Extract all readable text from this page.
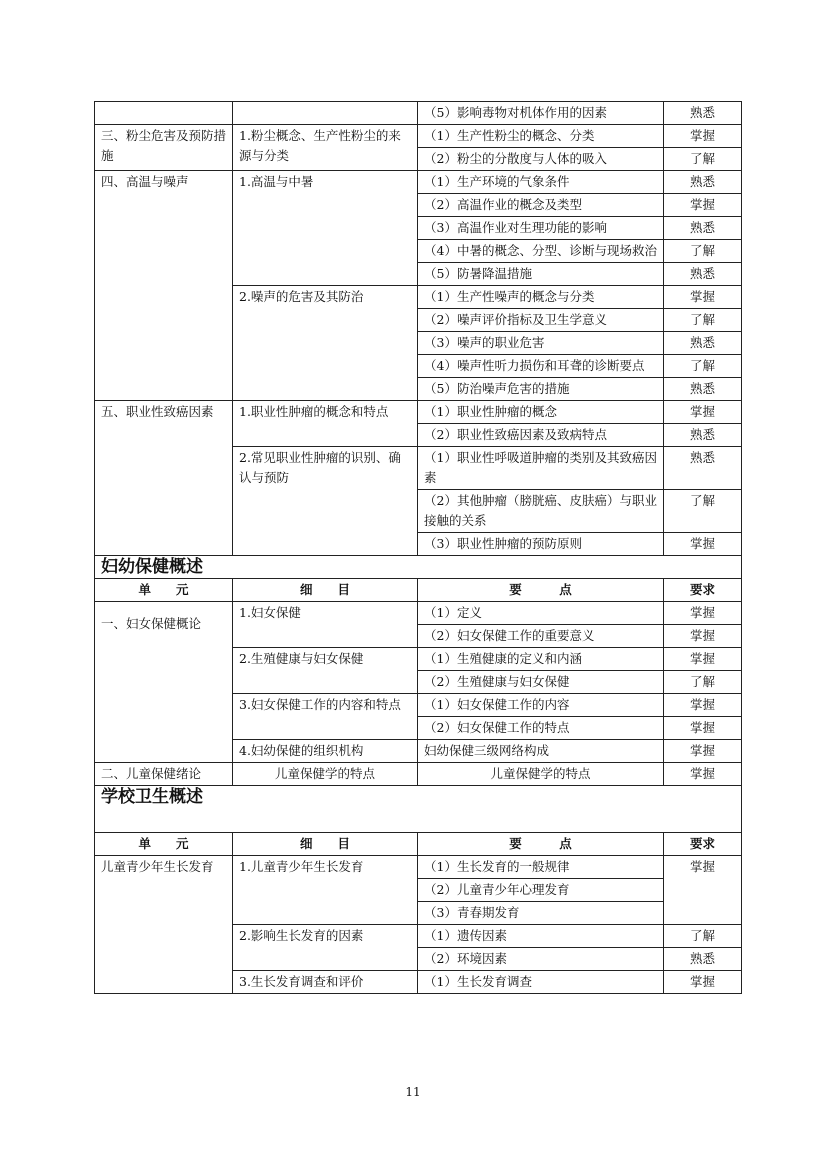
		（5）影响毒物对机体作用的因素	熟悉
三、粉尘危害及预防措施	1.粉尘概念、生产性粉尘的来源与分类	（1）生产性粉尘的概念、分类	掌握
		（2）粉尘的分散度与人体的吸入	了解
四、高温与噪声	1.高温与中暑	（1）生产环境的气象条件	熟悉
		（2）高温作业的概念及类型	掌握
		（3）高温作业对生理功能的影响	熟悉
		（4）中暑的概念、分型、诊断与现场救治	了解
		（5）防暑降温措施	熟悉
	2.噪声的危害及其防治	（1）生产性噪声的概念与分类	掌握
		（2）噪声评价指标及卫生学意义	了解
		（3）噪声的职业危害	熟悉
		（4）噪声性听力损伤和耳聋的诊断要点	了解
		（5）防治噪声危害的措施	熟悉
五、职业性致癌因素	1.职业性肿瘤的概念和特点	（1）职业性肿瘤的概念	掌握
		（2）职业性致癌因素及致病特点	熟悉
	2.常见职业性肿瘤的识别、确认与预防	（1）职业性呼吸道肿瘤的类别及其致癌因素	熟悉
		（2）其他肿瘤（膀胱癌、皮肤癌）与职业接触的关系	了解
		（3）职业性肿瘤的预防原则	掌握
妇幼保健概述			
单　　元	细　　目	要　　　点	要求
一、妇女保健概论	1.妇女保健	（1）定义	掌握
		（2）妇女保健工作的重要意义	掌握
	2.生殖健康与妇女保健	（1）生殖健康的定义和内涵	掌握
		（2）生殖健康与妇女保健	了解
	3.妇女保健工作的内容和特点	（1）妇女保健工作的内容	掌握
		（2）妇女保健工作的特点	掌握
	4.妇幼保健的组织机构	妇幼保健三级网络构成	掌握
二、儿童保健绪论	儿童保健学的特点	儿童保健学的特点	掌握
学校卫生概述			
单　　元	细　　目	要　　　点	要求
儿童青少年生长发育	1.儿童青少年生长发育	（1）生长发育的一般规律	掌握
		（2）儿童青少年心理发育	
		（3）青春期发育	
	2.影响生长发育的因素	（1）遗传因素	了解
		（2）环境因素	熟悉
	3.生长发育调查和评价	（1）生长发育调查	掌握
11
